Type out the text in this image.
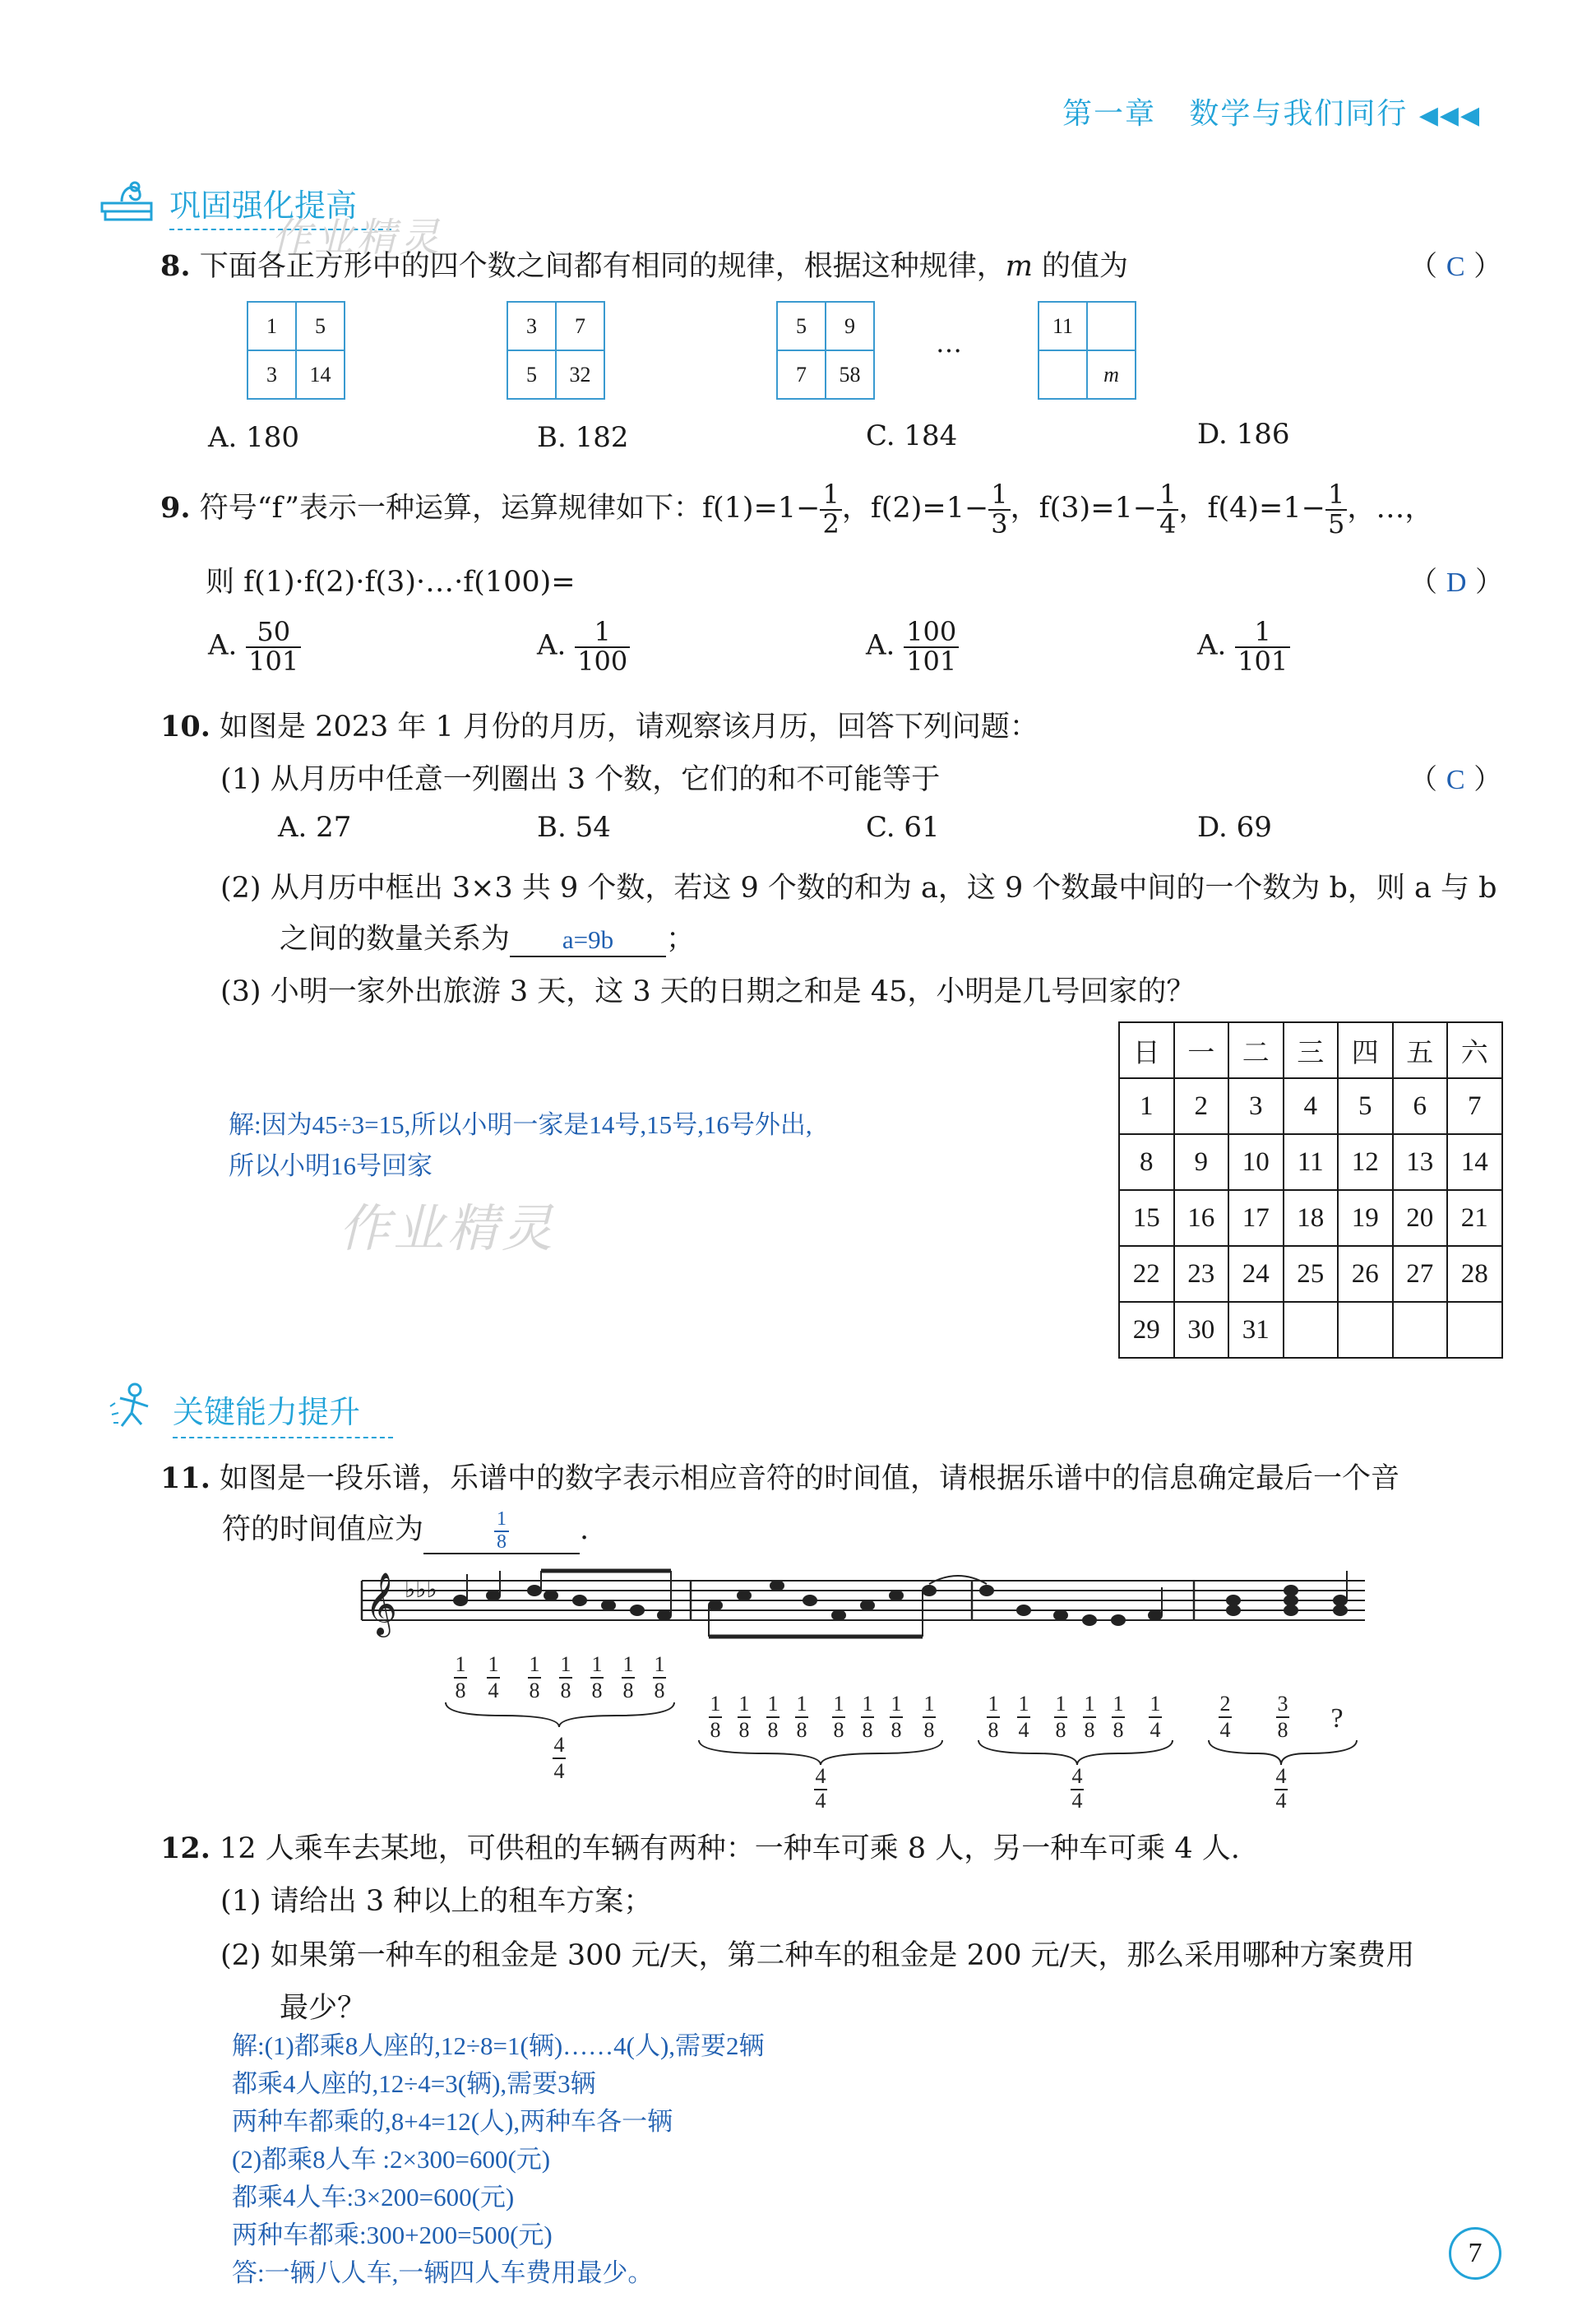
第一章 数学与我们同行 ◀◀◀
巩固强化提高
作业精灵
8. 下面各正方形中的四个数之间都有相同的规律，根据这种规律，m 的值为	（ C ）
1	5
3	14
3	7
5	32
5	9
7	58
…
11	
	m
A. 180	B. 182	C. 184	D. 186
9. 符号“f”表示一种运算，运算规律如下：$f(1)=1- \frac{1}{2}$ ，$f(2)=1- \frac{1}{3}$ ，$f(3)=1- \frac{1}{4}$ ，$f(4)=1- \frac{1}{5}$ ，…，
则 f(1)·f(2)·f(3)·…·f(100)=	（ D ）
A. $\frac{50}{101}$	A. $\frac{1}{100}$	A. $\frac{100}{101}$	A. $\frac{1}{101}$
10. 如图是 2023 年 1 月份的月历，请观察该月历，回答下列问题：
(1) 从月历中任意一列圈出 3 个数，它们的和不可能等于	（ C ）
A. 27	B. 54	C. 61	D. 69
(2) 从月历中框出 3×3 共 9 个数，若这 9 个数的和为 a，这 9 个数最中间的一个数为 b，则 a 与 b
之间的数量关系为 a=9b ；
(3) 小明一家外出旅游 3 天，这 3 天的日期之和是 45，小明是几号回家的？
解:因为45÷3=15,所以小明一家是14号,15号,16号外出,
所以小明16号回家
作业精灵
日	一	二	三	四	五	六
1	2	3	4	5	6	7
8	9	10	11	12	13	14
15	16	17	18	19	20	21
22	23	24	25	26	27	28
29	30	31				
关键能力提升
11. 如图是一段乐谱，乐谱中的数字表示相应音符的时间值，请根据乐谱中的信息确定最后一个音
符的时间值应为	$\frac{1}{8}$ .
𝄞 ♭♭♭
1
8
1
4
1
8
1
8
1
8
1
8
1
8
4
4
1
8
1
8
1
8
1
8
1
8
1
8
1
8
1
8
4
4
1
8
1
4
1
8
1
8
1
8
1
4
4
4
2
4
3
8 ?
4
4
12. 12 人乘车去某地，可供租的车辆有两种：一种车可乘 8 人，另一种车可乘 4 人.
(1) 请给出 3 种以上的租车方案；
(2) 如果第一种车的租金是 300 元/天，第二种车的租金是 200 元/天，那么采用哪种方案费用
最少？
解:(1)都乘8人座的,12÷8=1(辆)……4(人),需要2辆
都乘4人座的,12÷4=3(辆),需要3辆
两种车都乘的,8+4=12(人),两种车各一辆
(2)都乘8人车 :2×300=600(元)
都乘4人车:3×200=600(元)
两种车都乘:300+200=500(元)
答:一辆八人车,一辆四人车费用最少。
7
